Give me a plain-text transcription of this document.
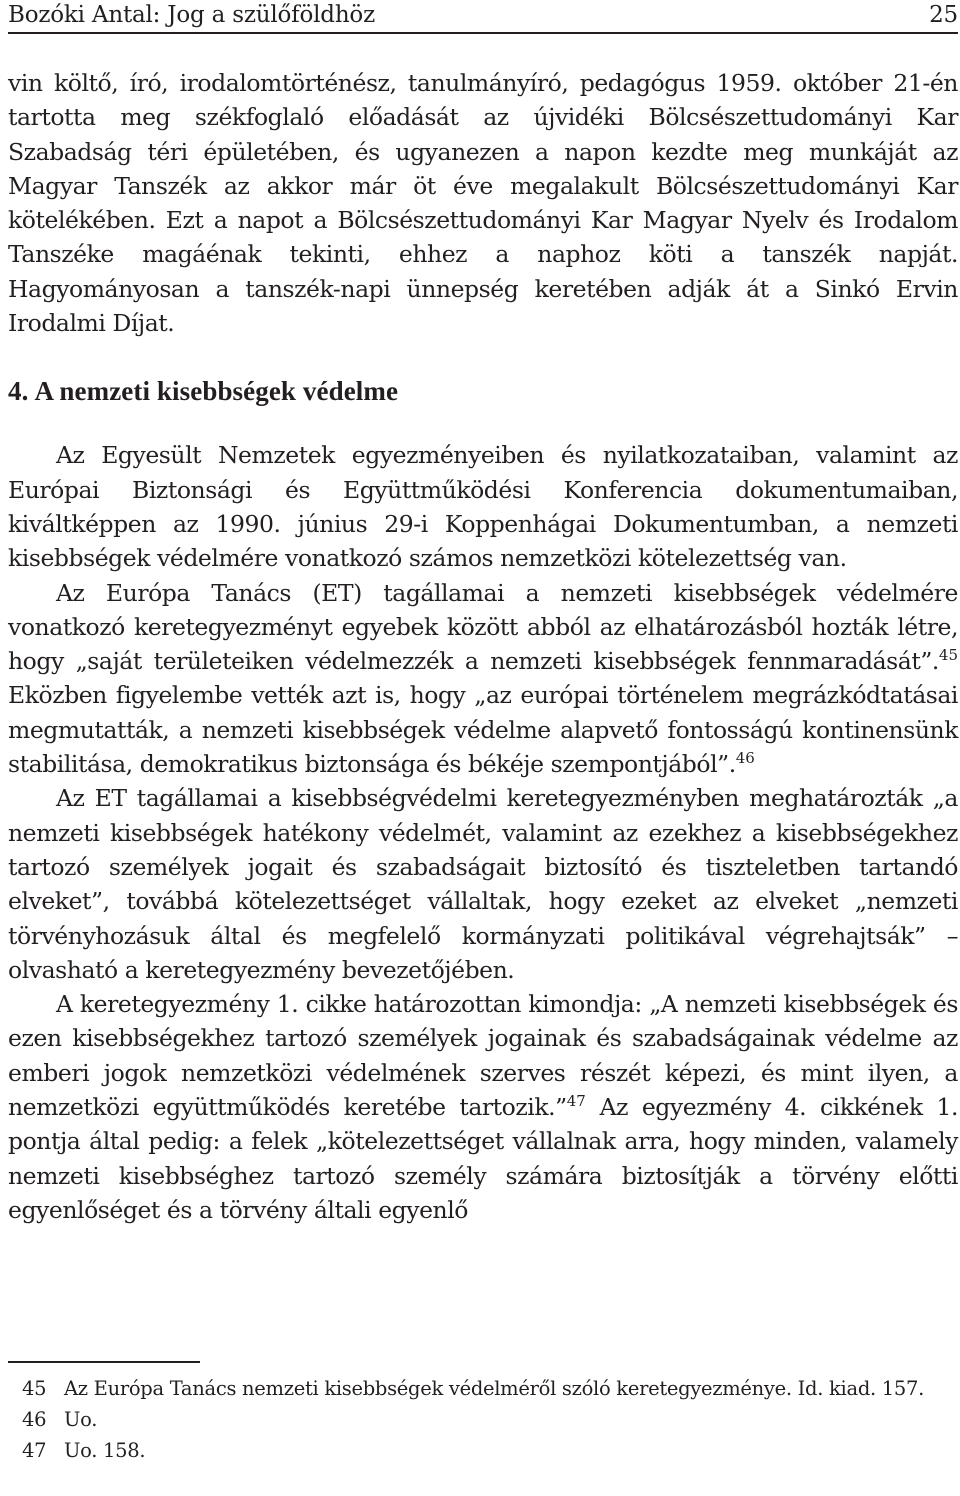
Bozóki Antal: Jog a szülőföldhöz	25

vin költő, író, irodalomtörténész, tanulmányíró, pedagógus 1959. október 21-én tartotta meg székfoglaló előadását az újvidéki Bölcsészettudományi Kar Szabadság téri épületében, és ugyanezen a napon kezdte meg munkáját az Magyar Tanszék az akkor már öt éve megalakult Bölcsészettudományi Kar kötelékében. Ezt a napot a Bölcsészettudományi Kar Magyar Nyelv és Irodalom Tanszéke magáénak tekinti, ehhez a naphoz köti a tanszék napját. Hagyományosan a tanszék-napi ünnepség keretében adják át a Sinkó Ervin Irodalmi Díjat.

4. A nemzeti kisebbségek védelme

Az Egyesült Nemzetek egyezményeiben és nyilatkozataiban, valamint az Európai Biztonsági és Együttműködési Konferencia dokumentumaiban, kiváltképpen az 1990. június 29-i Koppenhágai Dokumentumban, a nemzeti kisebbségek védelmére vonatkozó számos nemzetközi kötelezettség van.

Az Európa Tanács (ET) tagállamai a nemzeti kisebbségek védelmére vonatkozó keretegyezményt egyebek között abból az elhatározásból hozták létre, hogy „saját területeiken védelmezzék a nemzeti kisebbségek fennmaradását”.$^{45}$ Eközben figyelembe vették azt is, hogy „az európai történelem megrázkódtatásai megmutatták, a nemzeti kisebbségek védelme alapvető fontosságú kontinensünk stabilitása, demokratikus biztonsága és békéje szempontjából”.$^{46}$

Az ET tagállamai a kisebbségvédelmi keretegyezményben meghatározták „a nemzeti kisebbségek hatékony védelmét, valamint az ezekhez a kisebbségekhez tartozó személyek jogait és szabadságait biztosító és tiszteletben tartandó elveket”, továbbá kötelezettséget vállaltak, hogy ezeket az elveket „nemzeti törvényhozásuk által és megfelelő kormányzati politikával végrehajtsák” – olvasható a keretegyezmény bevezetőjében.

A keretegyezmény 1. cikke határozottan kimondja: „A nemzeti kisebbségek és ezen kisebbségekhez tartozó személyek jogainak és szabadságainak védelme az emberi jogok nemzetközi védelmének szerves részét képezi, és mint ilyen, a nemzetközi együttműködés keretébe tartozik.”$^{47}$ Az egyezmény 4. cikkének 1. pontja által pedig: a felek „kötelezettséget vállalnak arra, hogy minden, valamely nemzeti kisebbséghez tartozó személy számára biztosítják a törvény előtti egyenlőséget és a törvény általi egyenlő

45 Az Európa Tanács nemzeti kisebbségek védelméről szóló keretegyezménye. Id. kiad. 157.
46 Uo.
47 Uo. 158.
